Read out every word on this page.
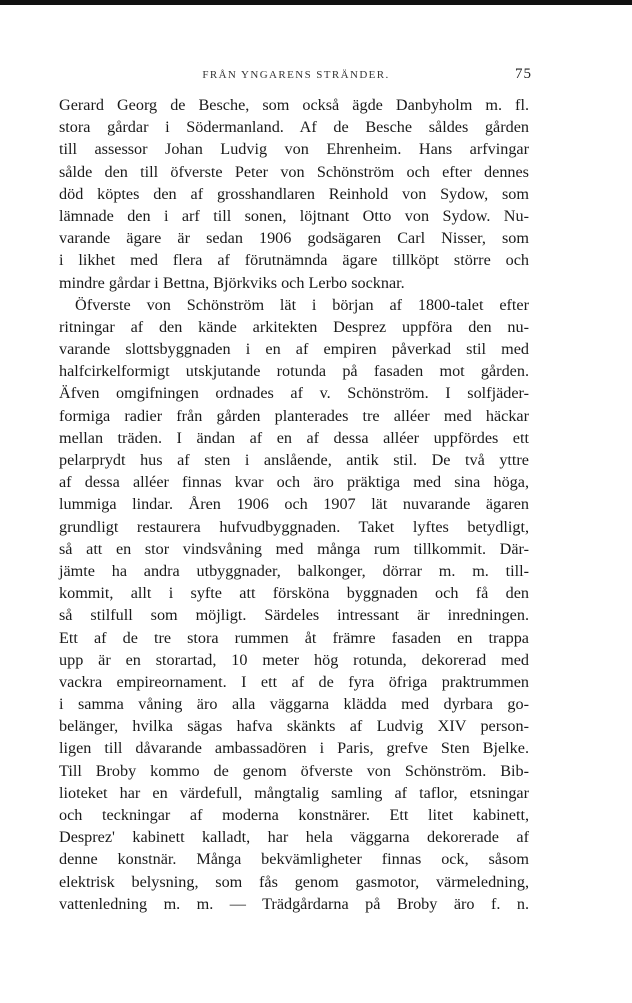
FRÅN YNGARENS STRÄNDER.	75
Gerard Georg de Besche, som också ägde Danbyholm m. fl.
stora gårdar i Södermanland. Af de Besche såldes gården
till assessor Johan Ludvig von Ehrenheim. Hans arfvingar
sålde den till öfverste Peter von Schönström och efter dennes
död köptes den af grosshandlaren Reinhold von Sydow, som
lämnade den i arf till sonen, löjtnant Otto von Sydow. Nu-
varande ägare är sedan 1906 godsägaren Carl Nisser, som
i likhet med flera af förutnämnda ägare tillköpt större och
mindre gårdar i Bettna, Björkviks och Lerbo socknar.
Öfverste von Schönström lät i början af 1800-talet efter
ritningar af den kände arkitekten Desprez uppföra den nu-
varande slottsbyggnaden i en af empiren påverkad stil med
halfcirkelformigt utskjutande rotunda på fasaden mot gården.
Äfven omgifningen ordnades af v. Schönström. I solfjäder-
formiga radier från gården planterades tre alléer med häckar
mellan träden. I ändan af en af dessa alléer uppfördes ett
pelarprydt hus af sten i anslående, antik stil. De två yttre
af dessa alléer finnas kvar och äro präktiga med sina höga,
lummiga lindar. Åren 1906 och 1907 lät nuvarande ägaren
grundligt restaurera hufvudbyggnaden. Taket lyftes betydligt,
så att en stor vindsvåning med många rum tillkommit. Där-
jämte ha andra utbyggnader, balkonger, dörrar m. m. till-
kommit, allt i syfte att försköna byggnaden och få den
så stilfull som möjligt. Särdeles intressant är inredningen.
Ett af de tre stora rummen åt främre fasaden en trappa
upp är en storartad, 10 meter hög rotunda, dekorerad med
vackra empireornament. I ett af de fyra öfriga praktrummen
i samma våning äro alla väggarna klädda med dyrbara go-
belänger, hvilka sägas hafva skänkts af Ludvig XIV person-
ligen till dåvarande ambassadören i Paris, grefve Sten Bjelke.
Till Broby kommo de genom öfverste von Schönström. Bib-
lioteket har en värdefull, mångtalig samling af taflor, etsningar
och teckningar af moderna konstnärer. Ett litet kabinett,
Desprez' kabinett kalladt, har hela väggarna dekorerade af
denne konstnär. Många bekvämligheter finnas ock, såsom
elektrisk belysning, som fås genom gasmotor, värmeledning,
vattenledning m. m. — Trädgårdarna på Broby äro f. n.
